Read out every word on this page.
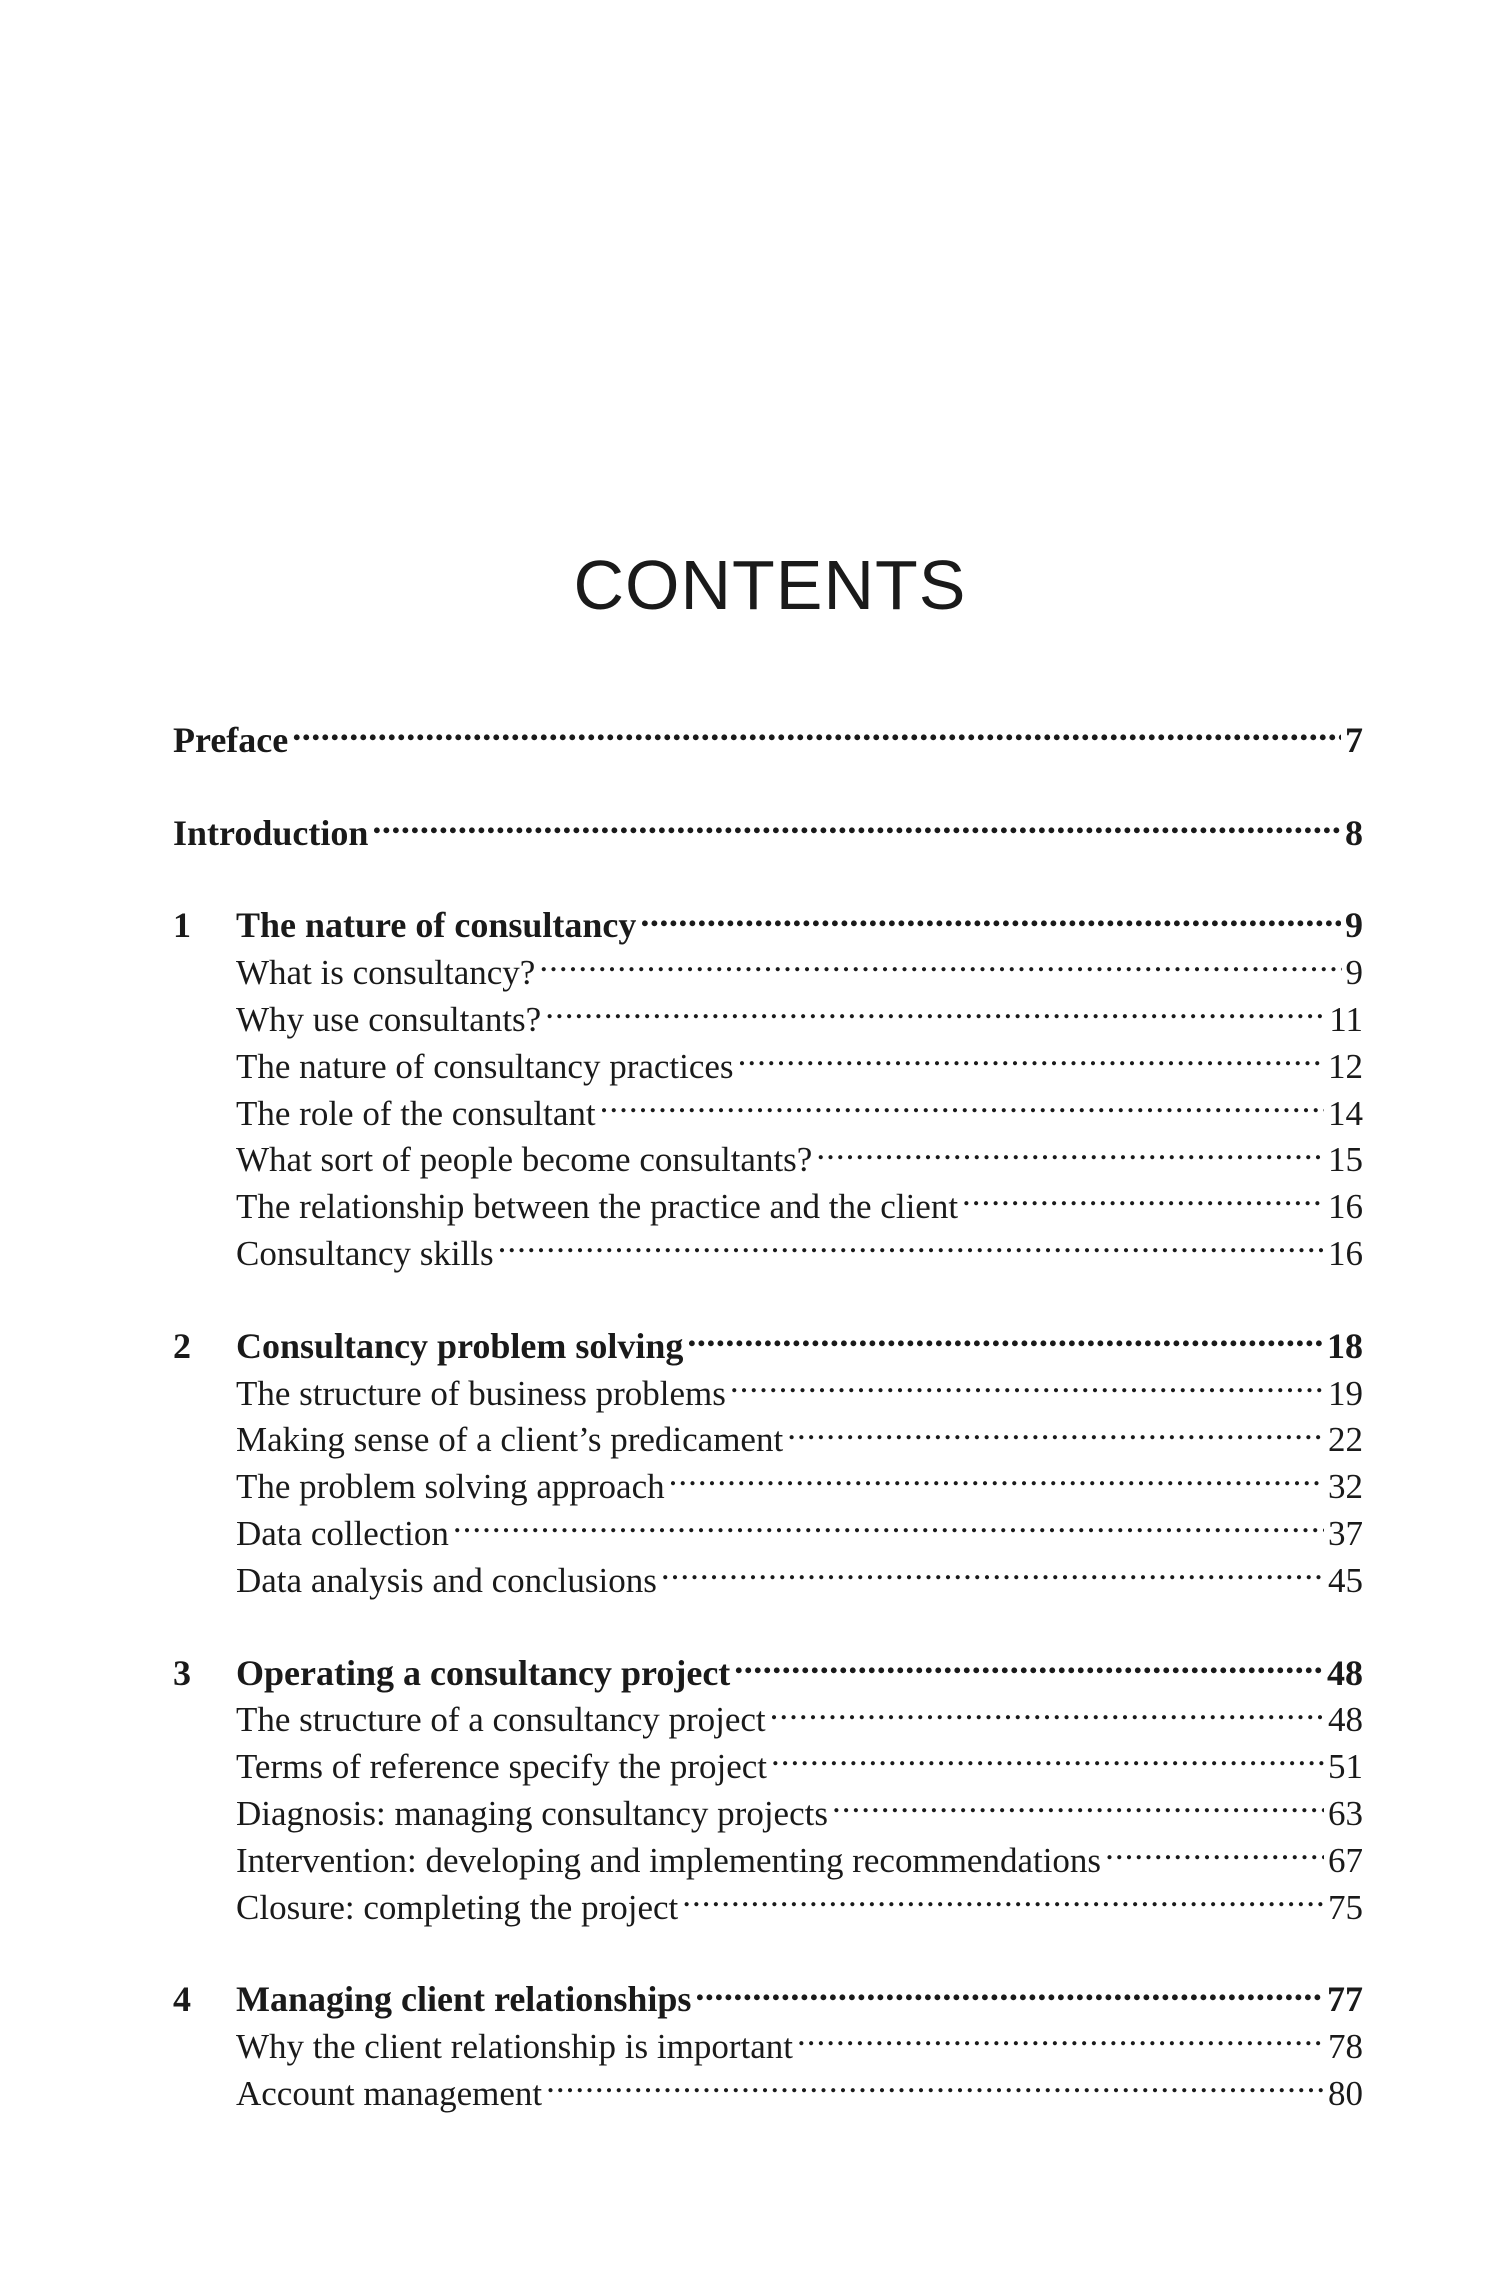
CONTENTS
Preface .....	7
Introduction .....	8
1	The nature of consultancy .....	9
What is consultancy? .....	9
Why use consultants? .....	11
The nature of consultancy practices .....	12
The role of the consultant .....	14
What sort of people become consultants? .....	15
The relationship between the practice and the client .....	16
Consultancy skills .....	16
2	Consultancy problem solving .....	18
The structure of business problems .....	19
Making sense of a client’s predicament .....	22
The problem solving approach .....	32
Data collection .....	37
Data analysis and conclusions .....	45
3	Operating a consultancy project .....	48
The structure of a consultancy project .....	48
Terms of reference specify the project .....	51
Diagnosis: managing consultancy projects .....	63
Intervention: developing and implementing recommendations .....	67
Closure: completing the project .....	75
4	Managing client relationships .....	77
Why the client relationship is important .....	78
Account management .....	80
